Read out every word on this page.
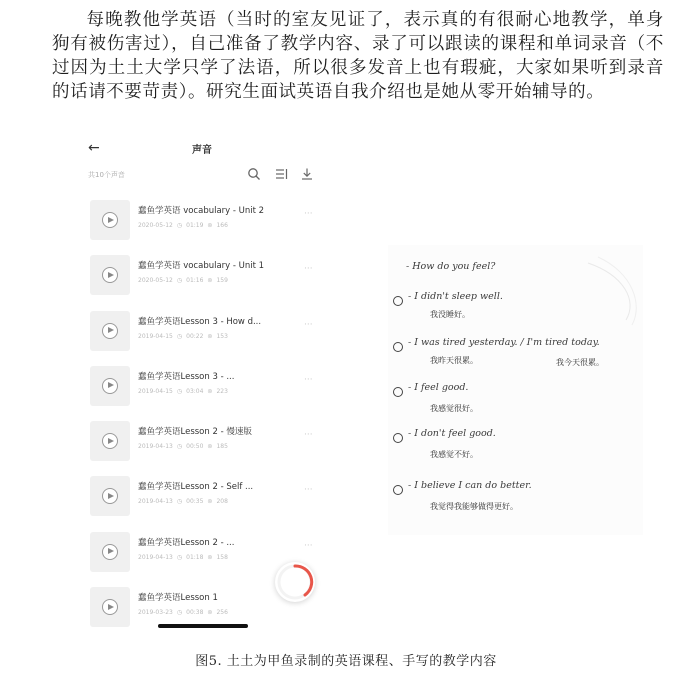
每晚教他学英语（当时的室友见证了，表示真的有很耐心地教学，单身狗有被伤害过），自己准备了教学内容、录了可以跟读的课程和单词录音（不过因为土土大学只学了法语，所以很多发音上也有瑕疵，大家如果听到录音的话请不要苛责）。研究生面试英语自我介绍也是她从零开始辅导的。
←	声音
共10个声音
蠢鱼学英语 vocabulary - Unit 2
2020-05-12 ◷ 01:19 ⊚ 166
···
蠢鱼学英语 vocabulary - Unit 1
2020-05-12 ◷ 01:16 ⊚ 159
···
蠢鱼学英语Lesson 3 - How d...
2019-04-15 ◷ 00:22 ⊚ 153
···
蠢鱼学英语Lesson 3 - ...
2019-04-15 ◷ 03:04 ⊚ 223
···
蠢鱼学英语Lesson 2 - 慢速版
2019-04-13 ◷ 00:50 ⊚ 185
···
蠢鱼学英语Lesson 2 - Self ...
2019-04-13 ◷ 00:35 ⊚ 208
···
蠢鱼学英语Lesson 2 - ...
2019-04-13 ◷ 01:18 ⊚ 158
···
蠢鱼学英语Lesson 1
2019-03-23 ◷ 00:38 ⊚ 256
- How do you feel?
- I didn't sleep well.
我没睡好。
- I was tired yesterday. / I'm tired today.
我昨天很累。	我今天很累。
- I feel good.
我感觉很好。
- I don't feel good.
我感觉不好。
- I believe I can do better.
我觉得我能够做得更好。
图5. 土土为甲鱼录制的英语课程、手写的教学内容
